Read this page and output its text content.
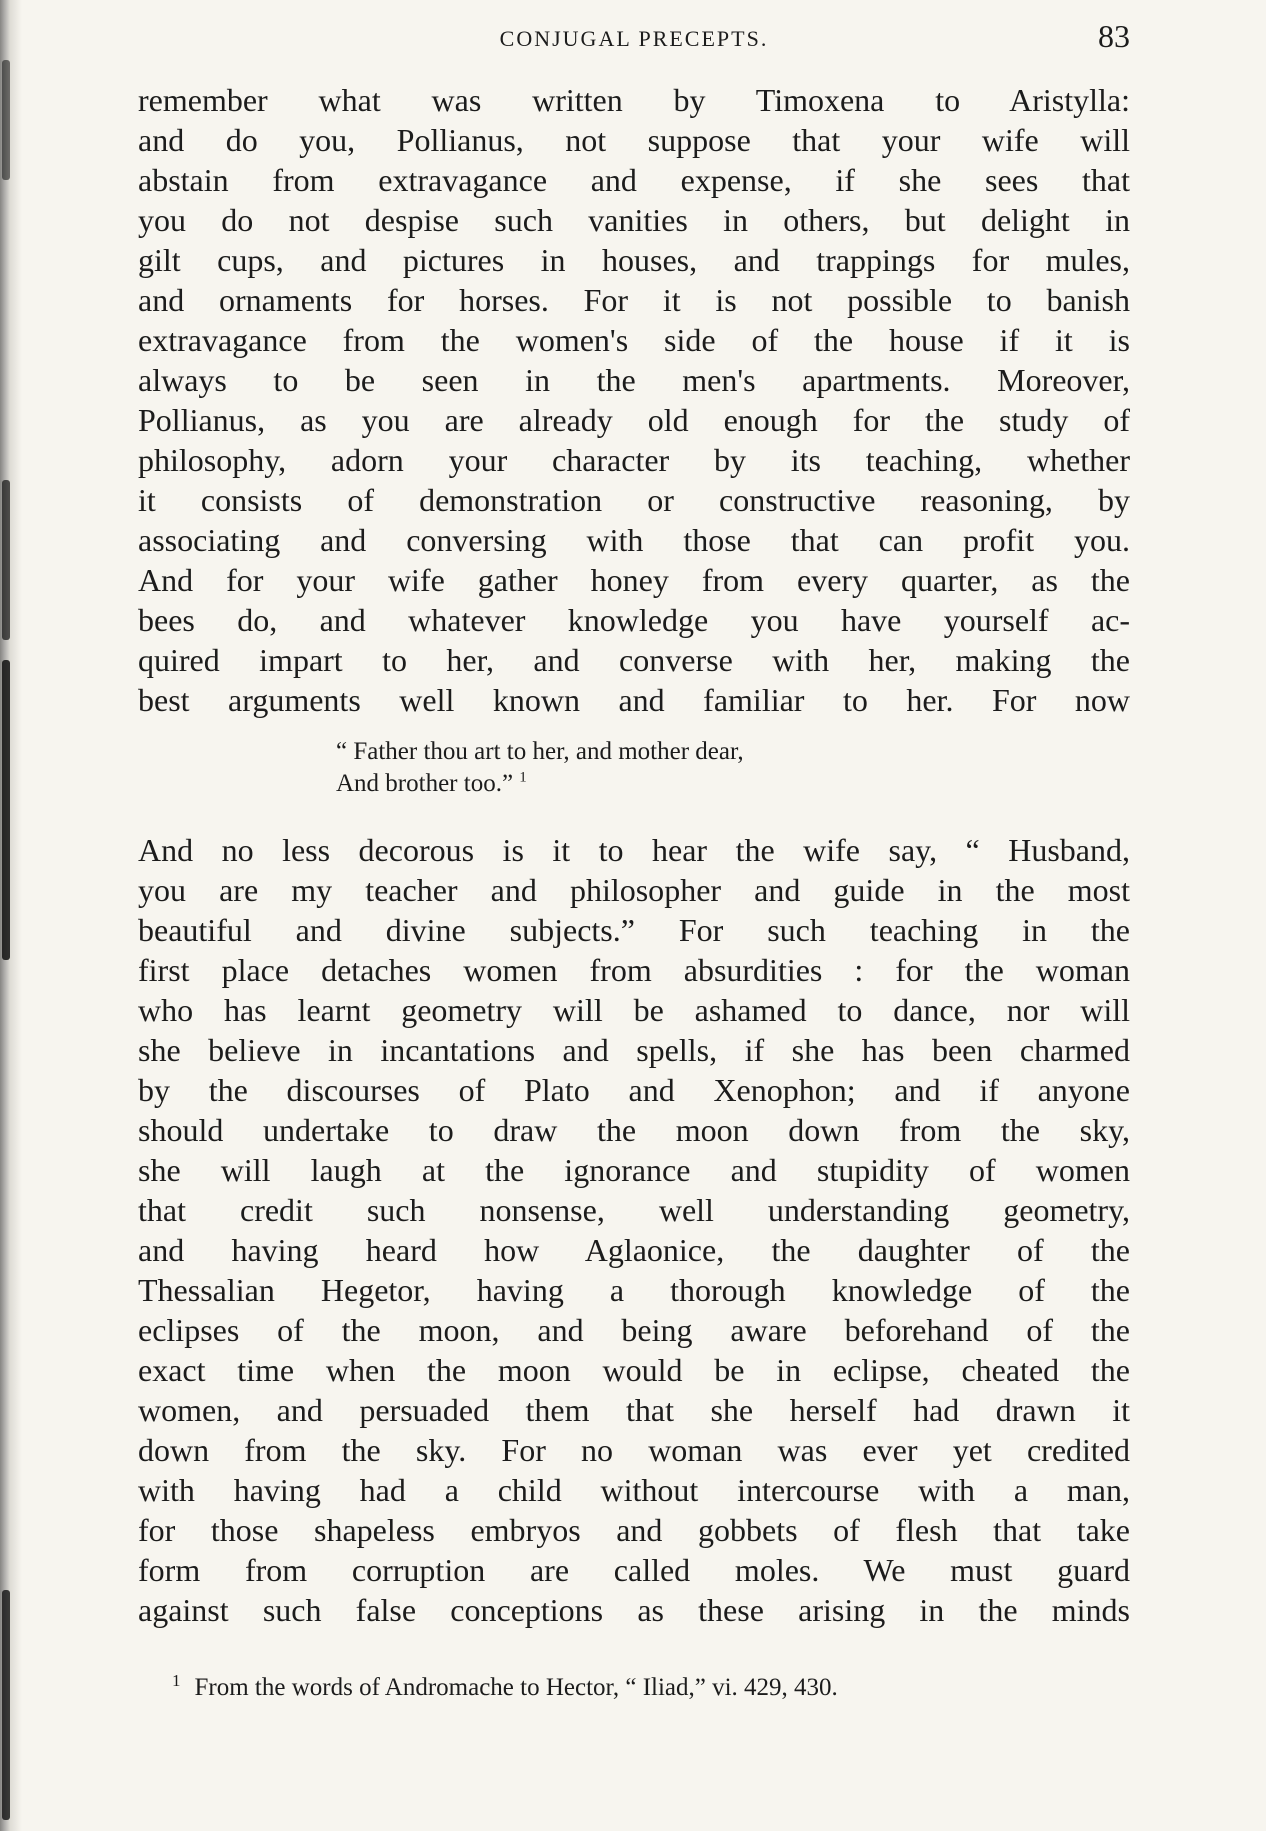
CONJUGAL PRECEPTS.	83

remember what was written by Timoxena to Aristylla:
and do you, Pollianus, not suppose that your wife will
abstain from extravagance and expense, if she sees that
you do not despise such vanities in others, but delight in
gilt cups, and pictures in houses, and trappings for mules,
and ornaments for horses. For it is not possible to banish
extravagance from the women's side of the house if it is
always to be seen in the men's apartments. Moreover,
Pollianus, as you are already old enough for the study of
philosophy, adorn your character by its teaching, whether
it consists of demonstration or constructive reasoning, by
associating and conversing with those that can profit you.
And for your wife gather honey from every quarter, as the
bees do, and whatever knowledge you have yourself ac-
quired impart to her, and converse with her, making the
best arguments well known and familiar to her. For now

“ Father thou art to her, and mother dear,
And brother too.” $^1$

And no less decorous is it to hear the wife say, “ Husband,
you are my teacher and philosopher and guide in the most
beautiful and divine subjects.” For such teaching in the
first place detaches women from absurdities : for the woman
who has learnt geometry will be ashamed to dance, nor will
she believe in incantations and spells, if she has been charmed
by the discourses of Plato and Xenophon; and if anyone
should undertake to draw the moon down from the sky,
she will laugh at the ignorance and stupidity of women
that credit such nonsense, well understanding geometry,
and having heard how Aglaonice, the daughter of the
Thessalian Hegetor, having a thorough knowledge of the
eclipses of the moon, and being aware beforehand of the
exact time when the moon would be in eclipse, cheated the
women, and persuaded them that she herself had drawn it
down from the sky. For no woman was ever yet credited
with having had a child without intercourse with a man,
for those shapeless embryos and gobbets of flesh that take
form from corruption are called moles. We must guard
against such false conceptions as these arising in the minds

$^1$ From the words of Andromache to Hector, “ Iliad,” vi. 429, 430.
